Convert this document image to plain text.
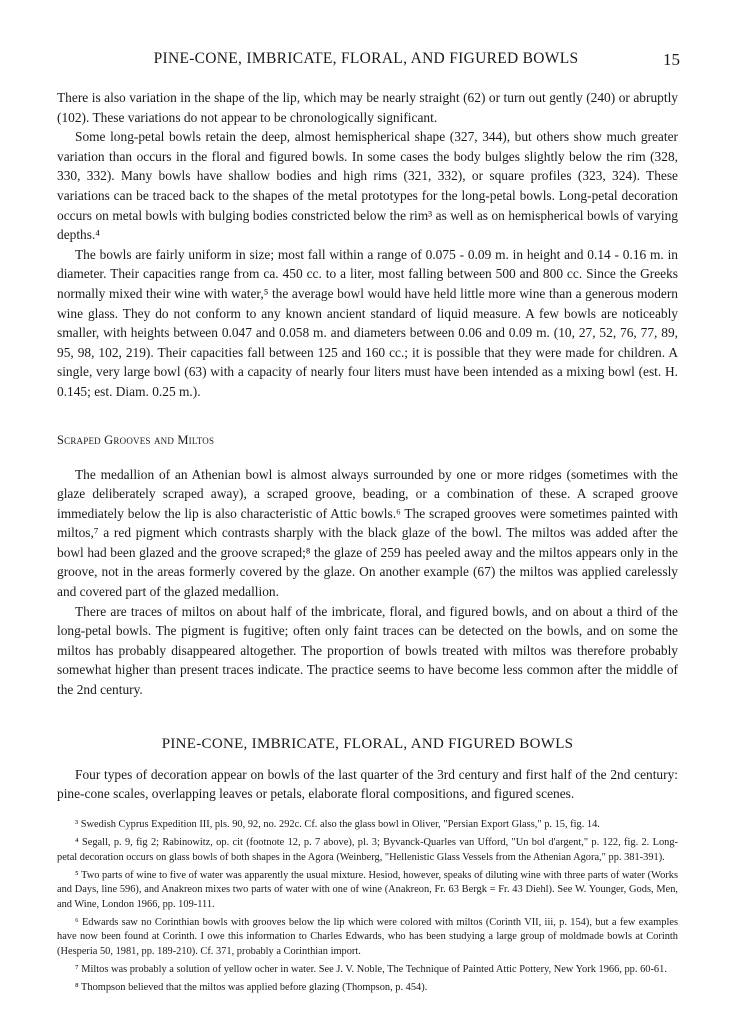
PINE-CONE, IMBRICATE, FLORAL, AND FIGURED BOWLS	15

There is also variation in the shape of the lip, which may be nearly straight (62) or turn out gently (240) or abruptly (102). These variations do not appear to be chronologically significant.

Some long-petal bowls retain the deep, almost hemispherical shape (327, 344), but others show much greater variation than occurs in the floral and figured bowls. In some cases the body bulges slightly below the rim (328, 330, 332). Many bowls have shallow bodies and high rims (321, 332), or square profiles (323, 324). These variations can be traced back to the shapes of the metal prototypes for the long-petal bowls. Long-petal decoration occurs on metal bowls with bulging bodies constricted below the rim³ as well as on hemispherical bowls of varying depths.⁴

The bowls are fairly uniform in size; most fall within a range of 0.075 - 0.09 m. in height and 0.14 - 0.16 m. in diameter. Their capacities range from ca. 450 cc. to a liter, most falling between 500 and 800 cc. Since the Greeks normally mixed their wine with water,⁵ the average bowl would have held little more wine than a generous modern wine glass. They do not conform to any known ancient standard of liquid measure. A few bowls are noticeably smaller, with heights between 0.047 and 0.058 m. and diameters between 0.06 and 0.09 m. (10, 27, 52, 76, 77, 89, 95, 98, 102, 219). Their capacities fall between 125 and 160 cc.; it is possible that they were made for children. A single, very large bowl (63) with a capacity of nearly four liters must have been intended as a mixing bowl (est. H. 0.145; est. Diam. 0.25 m.).

Scraped Grooves and Miltos

The medallion of an Athenian bowl is almost always surrounded by one or more ridges (sometimes with the glaze deliberately scraped away), a scraped groove, beading, or a combination of these. A scraped groove immediately below the lip is also characteristic of Attic bowls.⁶ The scraped grooves were sometimes painted with miltos,⁷ a red pigment which contrasts sharply with the black glaze of the bowl. The miltos was added after the bowl had been glazed and the groove scraped;⁸ the glaze of 259 has peeled away and the miltos appears only in the groove, not in the areas formerly covered by the glaze. On another example (67) the miltos was applied carelessly and covered part of the glazed medallion.

There are traces of miltos on about half of the imbricate, floral, and figured bowls, and on about a third of the long-petal bowls. The pigment is fugitive; often only faint traces can be detected on the bowls, and on some the miltos has probably disappeared altogether. The proportion of bowls treated with miltos was therefore probably somewhat higher than present traces indicate. The practice seems to have become less common after the middle of the 2nd century.

PINE-CONE, IMBRICATE, FLORAL, AND FIGURED BOWLS

Four types of decoration appear on bowls of the last quarter of the 3rd century and first half of the 2nd century: pine-cone scales, overlapping leaves or petals, elaborate floral compositions, and figured scenes.

³ Swedish Cyprus Expedition III, pls. 90, 92, no. 292c. Cf. also the glass bowl in Oliver, "Persian Export Glass," p. 15, fig. 14.
⁴ Segall, p. 9, fig 2; Rabinowitz, op. cit (footnote 12, p. 7 above), pl. 3; Byvanck-Quarles van Ufford, "Un bol d'argent," p. 122, fig. 2. Long-petal decoration occurs on glass bowls of both shapes in the Agora (Weinberg, "Hellenistic Glass Vessels from the Athenian Agora," pp. 381-391).
⁵ Two parts of wine to five of water was apparently the usual mixture. Hesiod, however, speaks of diluting wine with three parts of water (Works and Days, line 596), and Anakreon mixes two parts of water with one of wine (Anakreon, Fr. 63 Bergk = Fr. 43 Diehl). See W. Younger, Gods, Men, and Wine, London 1966, pp. 109-111.
⁶ Edwards saw no Corinthian bowls with grooves below the lip which were colored with miltos (Corinth VII, iii, p. 154), but a few examples have now been found at Corinth. I owe this information to Charles Edwards, who has been studying a large group of moldmade bowls at Corinth (Hesperia 50, 1981, pp. 189-210). Cf. 371, probably a Corinthian import.
⁷ Miltos was probably a solution of yellow ocher in water. See J. V. Noble, The Technique of Painted Attic Pottery, New York 1966, pp. 60-61.
⁸ Thompson believed that the miltos was applied before glazing (Thompson, p. 454).
